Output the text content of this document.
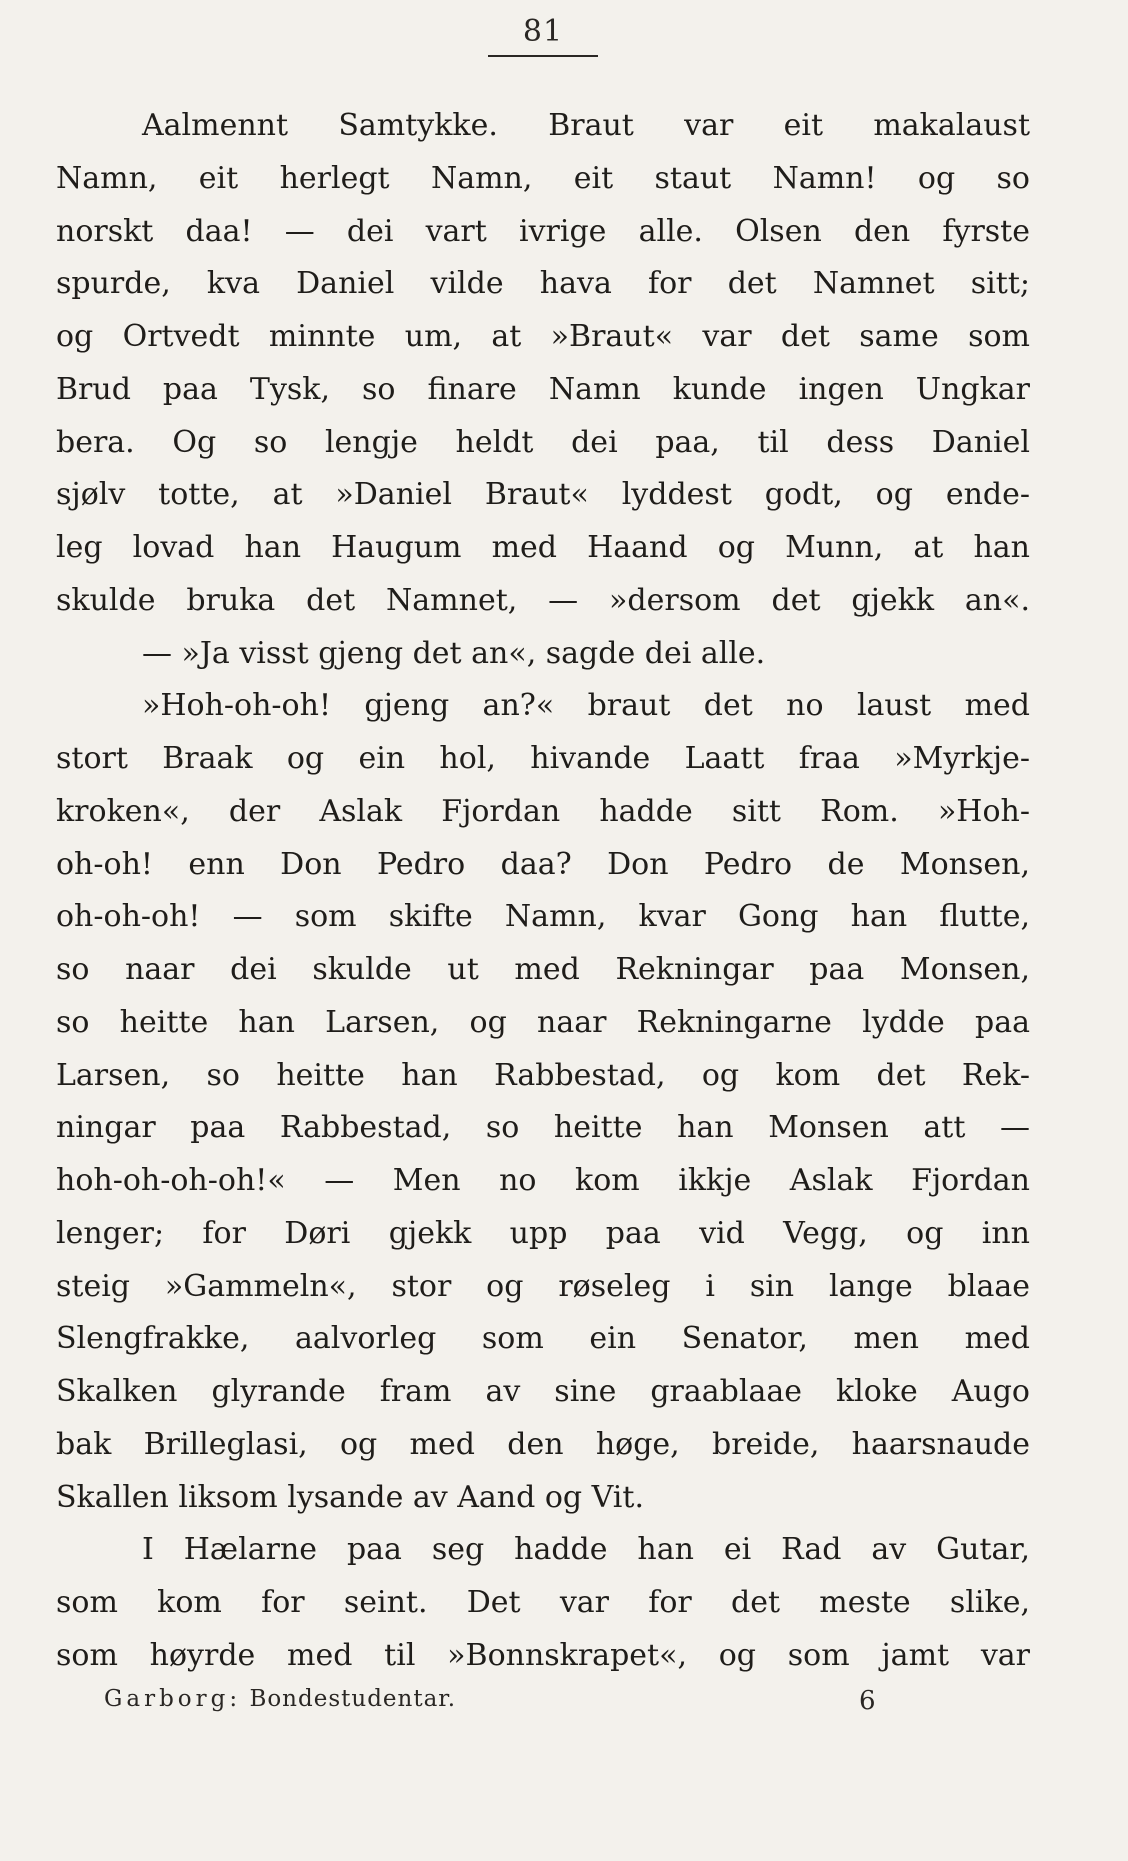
81
Aalmennt Samtykke. Braut var eit makalaust
Namn, eit herlegt Namn, eit staut Namn! og so
norskt daa! — dei vart ivrige alle. Olsen den fyrste
spurde, kva Daniel vilde hava for det Namnet sitt;
og Ortvedt minnte um, at »Braut« var det same som
Brud paa Tysk, so finare Namn kunde ingen Ungkar
bera. Og so lengje heldt dei paa, til dess Daniel
sjølv totte, at »Daniel Braut« lyddest godt, og ende-
leg lovad han Haugum med Haand og Munn, at han
skulde bruka det Namnet, — »dersom det gjekk an«.
— »Ja visst gjeng det an«, sagde dei alle.
»Hoh-oh-oh! gjeng an?« braut det no laust med
stort Braak og ein hol, hivande Laatt fraa »Myrkje-
kroken«, der Aslak Fjordan hadde sitt Rom. »Hoh-
oh-oh! enn Don Pedro daa? Don Pedro de Monsen,
oh-oh-oh! — som skifte Namn, kvar Gong han flutte,
so naar dei skulde ut med Rekningar paa Monsen,
so heitte han Larsen, og naar Rekningarne lydde paa
Larsen, so heitte han Rabbestad, og kom det Rek-
ningar paa Rabbestad, so heitte han Monsen att —
hoh-oh-oh-oh!« — Men no kom ikkje Aslak Fjordan
lenger; for Døri gjekk upp paa vid Vegg, og inn
steig »Gammeln«, stor og røseleg i sin lange blaae
Slengfrakke, aalvorleg som ein Senator, men med
Skalken glyrande fram av sine graablaae kloke Augo
bak Brilleglasi, og med den høge, breide, haarsnaude
Skallen liksom lysande av Aand og Vit.
I Hælarne paa seg hadde han ei Rad av Gutar,
som kom for seint. Det var for det meste slike,
som høyrde med til »Bonnskrapet«, og som jamt var
Garborg: Bondestudentar.	6
